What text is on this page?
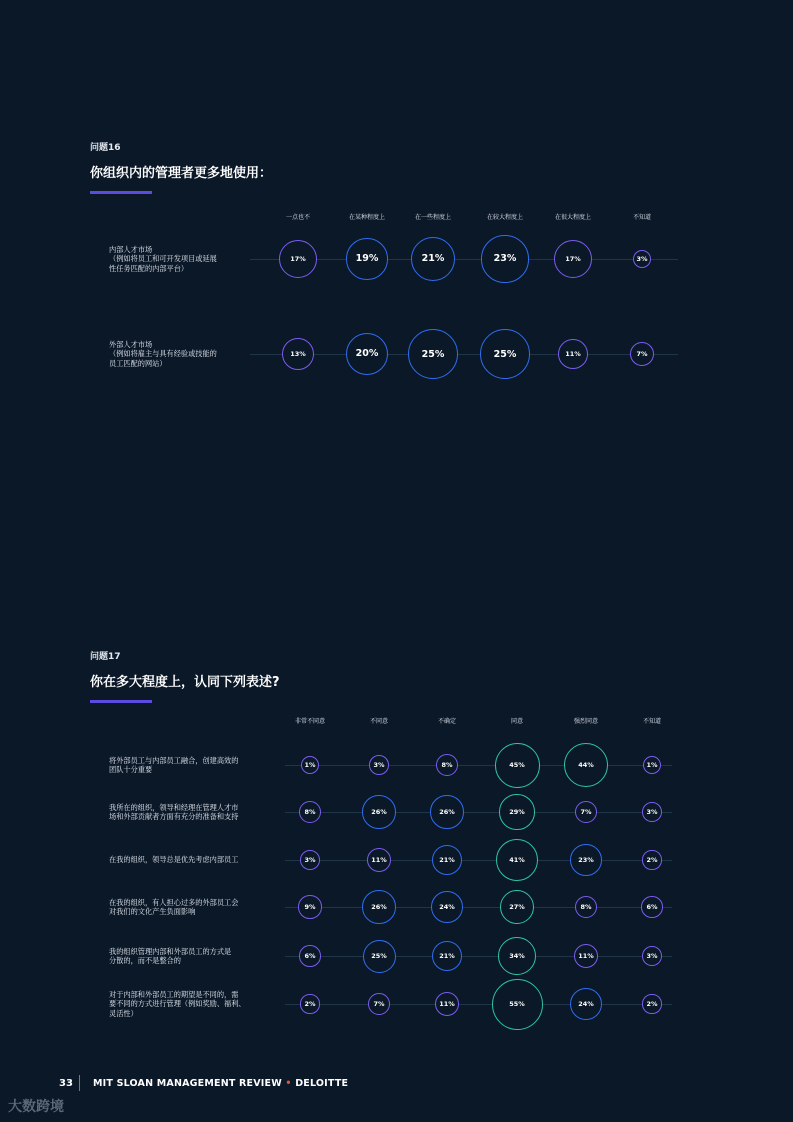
问题16
你组织内的管理者更多地使用：
一点也不	在某种程度上	在一些程度上	在较大程度上	在很大程度上	不知道
内部人才市场
（例如将员工和可开发项目或延展
性任务匹配的内部平台）
17%	19%	21%	23%	17%	3%
外部人才市场
（例如将雇主与具有经验或技能的
员工匹配的网站）
13%	20%	25%	25%	11%	7%
问题17
你在多大程度上，认同下列表述?
非常不同意	不同意	不确定	同意	强烈同意	不知道
将外部员工与内部员工融合，创建高效的
团队十分重要
1%	3%	8%	45%	44%	1%
我所在的组织，领导和经理在管理人才市
场和外部贡献者方面有充分的准备和支持
8%	26%	26%	29%	7%	3%
在我的组织，领导总是优先考虑内部员工	3%	11%	21%	41%	23%	2%
在我的组织，有人担心过多的外部员工会
对我们的文化产生负面影响
9%	26%	24%	27%	8%	6%
我的组织管理内部和外部员工的方式是
分散的，而不是整合的
6%	25%	21%	34%	11%	3%
对于内部和外部员工的期望是不同的，需
要不同的方式进行管理（例如奖励、福利、
灵活性）
2%	7%	11%	55%	24%	2%
33 MIT SLOAN MANAGEMENT REVIEW • DELOITTE
大数跨境
